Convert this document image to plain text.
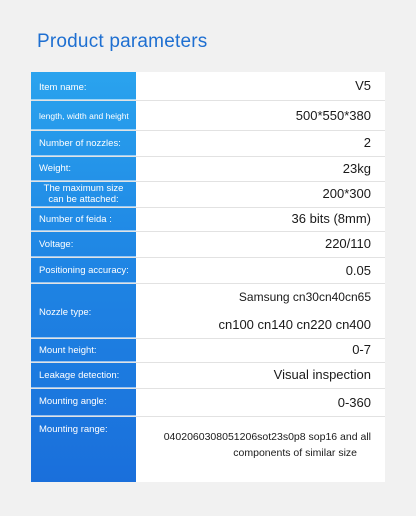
Product parameters
Item name:	V5
length, width and height	500*550*380
Number of nozzles:	2
Weight:	23kg
The maximum size can be attached:	200*300
Number of feida :	36 bits (8mm)
Voltage:	220/110
Positioning accuracy:	0.05
Nozzle type:
Samsung cn30cn40cn65
cn100 cn140 cn220 cn400
Mount height:	0-7
Leakage detection:	Visual inspection
Mounting angle:	0-360
Mounting range:
0402060308051206sot23s0p8 sop16 and all
components of similar size
